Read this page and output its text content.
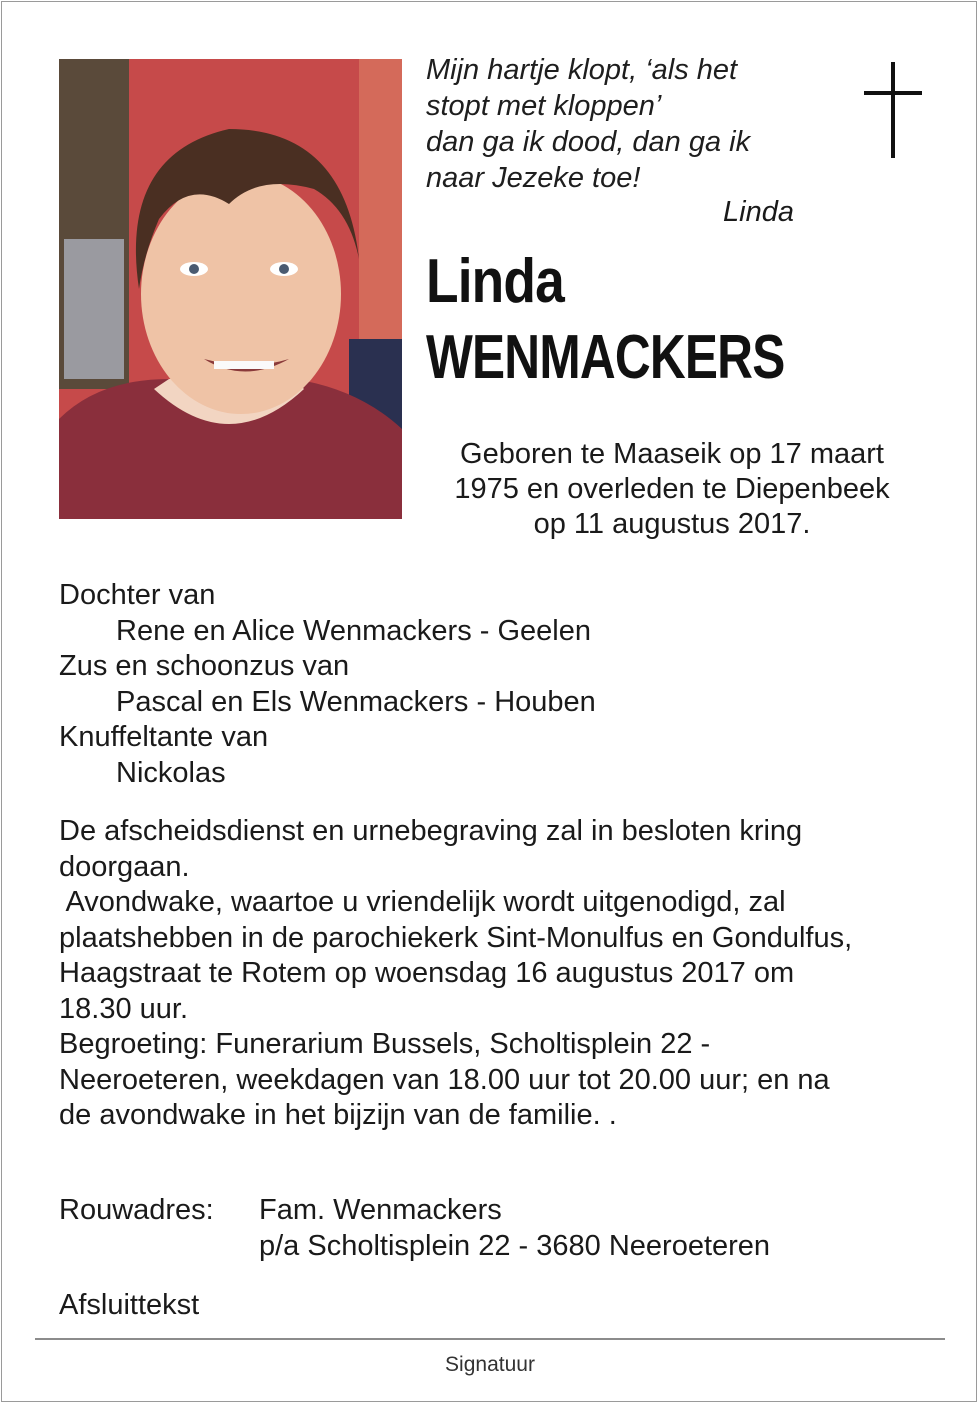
Mijn hartje klopt, ‘als het
stopt met kloppen’
dan ga ik dood, dan ga ik
naar Jezeke toe!
Linda
Linda
WENMACKERS
Geboren te Maaseik op 17 maart
1975 en overleden te Diepenbeek
op 11 augustus 2017.
Dochter van
Rene en Alice Wenmackers - Geelen
Zus en schoonzus van
Pascal en Els Wenmackers - Houben
Knuffeltante van
Nickolas
De afscheidsdienst en urnebegraving zal in besloten kring
doorgaan.
Avondwake, waartoe u vriendelijk wordt uitgenodigd, zal
plaatshebben in de parochiekerk Sint-Monulfus en Gondulfus,
Haagstraat te Rotem op woensdag 16 augustus 2017 om
18.30 uur.
Begroeting: Funerarium Bussels, Scholtisplein 22 -
Neeroeteren, weekdagen van 18.00 uur tot 20.00 uur; en na
de avondwake in het bijzijn van de familie. .
Rouwadres: Fam. Wenmackers
p/a Scholtisplein 22 - 3680 Neeroeteren
Afsluittekst
Signatuur
